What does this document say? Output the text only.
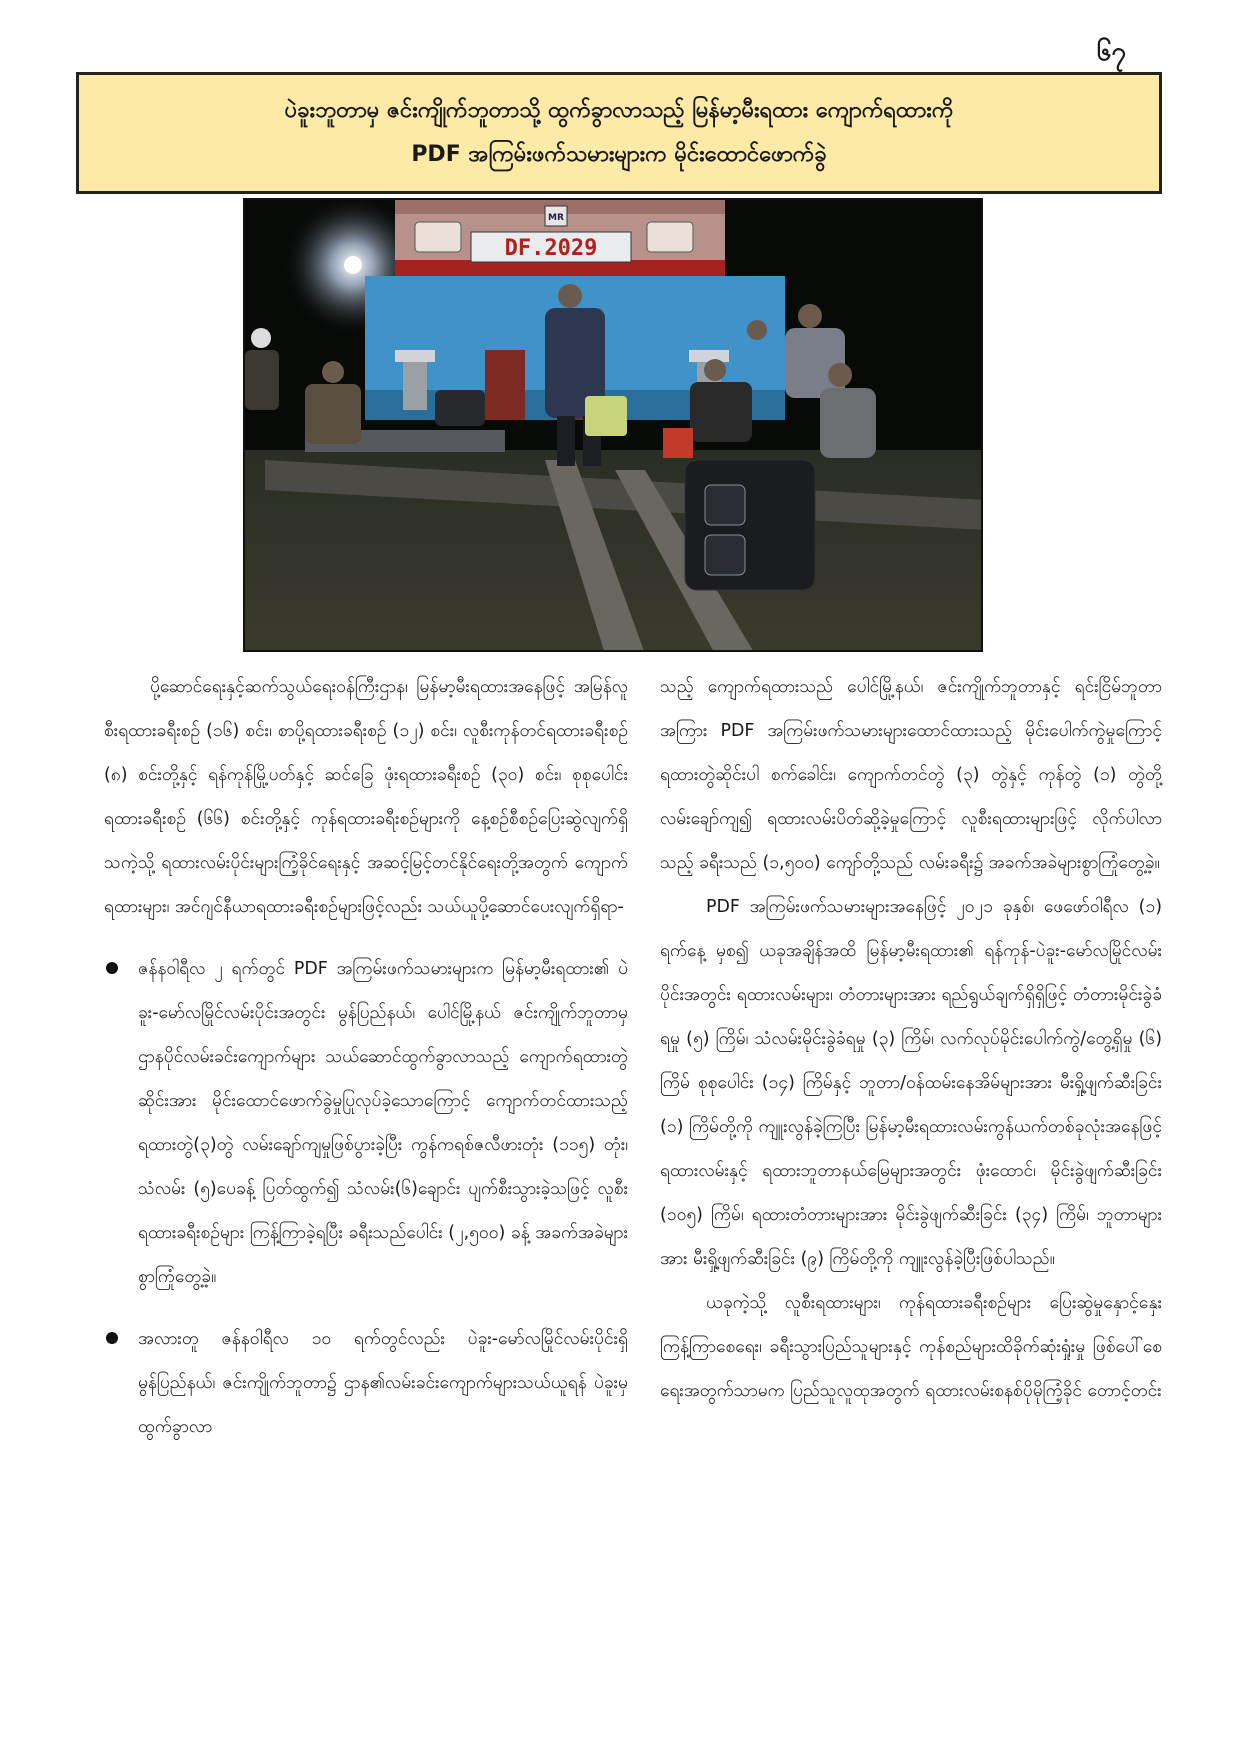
၆၇
ပဲခူးဘူတာမှ ဇင်းကျိုက်ဘူတာသို့ ထွက်ခွာလာသည့် မြန်မာ့မီးရထား ကျောက်ရထားကို
PDF အကြမ်းဖက်သမားများက မိုင်းထောင်ဖောက်ခွဲ
MR
DF.2029

ပို့ဆောင်ရေးနှင့်ဆက်သွယ်ရေးဝန်ကြီးဌာန၊ မြန်မာ့မီးရထားအနေဖြင့် အမြန်လူစီးရထားခရီးစဉ် (၁၆) စင်း၊ စာပို့ရထားခရီးစဉ် (၁၂) စင်း၊ လူစီးကုန်တင်ရထားခရီးစဉ် (၈) စင်းတို့နှင့် ရန်ကုန်မြို့ပတ်နှင့် ဆင်ခြေ ဖုံးရထားခရီးစဉ် (၃၀) စင်း၊ စုစုပေါင်း ရထားခရီးစဉ် (၆၆) စင်းတို့နှင့် ကုန်ရထားခရီးစဉ်များကို နေ့စဉ်စီစဉ်ပြေးဆွဲလျက်ရှိသကဲ့သို့ ရထားလမ်းပိုင်းများကြံ့ခိုင်ရေးနှင့် အဆင့်မြင့်တင်နိုင်ရေးတို့အတွက် ကျောက်ရထားများ၊ အင်ဂျင်နီယာရထားခရီးစဉ်များဖြင့်လည်း သယ်ယူပို့ဆောင်ပေးလျက်ရှိရာ-

ဇန်နဝါရီလ ၂ ရက်တွင် PDF အကြမ်းဖက်သမားများက မြန်မာ့မီးရထား၏ ပဲခူး-မော်လမြိုင်လမ်းပိုင်းအတွင်း မွန်ပြည်နယ်၊ ပေါင်မြို့နယ် ဇင်းကျိုက်ဘူတာမှ ဌာနပိုင်လမ်းခင်းကျောက်များ သယ်ဆောင်ထွက်ခွာလာသည့် ကျောက်ရထားတွဲဆိုင်းအား မိုင်းထောင်ဖောက်ခွဲမှုပြုလုပ်ခဲ့သောကြောင့် ကျောက်တင်ထားသည့် ရထားတွဲ(၃)တွဲ လမ်းချော်ကျမှုဖြစ်ပွားခဲ့ပြီး ကွန်ကရစ်ဇလီဖားတုံး (၁၁၅) တုံး၊ သံလမ်း (၅)ပေခန့် ပြတ်ထွက်၍ သံလမ်း(၆)ချောင်း ပျက်စီးသွားခဲ့သဖြင့် လူစီးရထားခရီးစဉ်များ ကြန့်ကြာခဲ့ရပြီး ခရီးသည်ပေါင်း (၂,၅၀၀) ခန့် အခက်အခဲများစွာကြုံတွေ့ခဲ့။
အလားတူ ဇန်နဝါရီလ ၁၀ ရက်တွင်လည်း ပဲခူး-မော်လမြိုင်လမ်းပိုင်းရှိ မွန်ပြည်နယ်၊ ဇင်းကျိုက်ဘူတာ၌ ဌာန၏လမ်းခင်းကျောက်များသယ်ယူရန် ပဲခူးမှ ထွက်ခွာလာ

သည့် ကျောက်ရထားသည် ပေါင်မြို့နယ်၊ ဇင်းကျိုက်ဘူတာနှင့် ရင်းငြိမ်ဘူတာအကြား PDF အကြမ်းဖက်သမားများထောင်ထားသည့် မိုင်းပေါက်ကွဲမှုကြောင့် ရထားတွဲဆိုင်းပါ စက်ခေါင်း၊ ကျောက်တင်တွဲ (၃) တွဲနှင့် ကုန်တွဲ (၁) တွဲတို့ လမ်းချော်ကျ၍ ရထားလမ်းပိတ်ဆို့ခဲ့မှုကြောင့် လူစီးရထားများဖြင့် လိုက်ပါလာသည့် ခရီးသည် (၁,၅၀၀) ကျော်တို့သည် လမ်းခရီး၌ အခက်အခဲများစွာကြုံတွေ့ခဲ့။

PDF အကြမ်းဖက်သမားများအနေဖြင့် ၂၀၂၁ ခုနှစ်၊ ဖေဖော်ဝါရီလ (၁) ရက်နေ့ မှစ၍ ယခုအချိန်အထိ မြန်မာ့မီးရထား၏ ရန်ကုန်-ပဲခူး-မော်လမြိုင်လမ်းပိုင်းအတွင်း ရထားလမ်းများ၊ တံတားများအား ရည်ရွယ်ချက်ရှိရှိဖြင့် တံတားမိုင်းခွဲခံရမှု (၅) ကြိမ်၊ သံလမ်းမိုင်းခွဲခံရမှု (၃) ကြိမ်၊ လက်လုပ်မိုင်းပေါက်ကွဲ/တွေ့ရှိမှု (၆) ကြိမ် စုစုပေါင်း (၁၄) ကြိမ်နှင့် ဘူတာ/ဝန်ထမ်းနေအိမ်များအား မီးရှို့ဖျက်ဆီးခြင်း (၁) ကြိမ်တို့ကို ကျူးလွန်ခဲ့ကြပြီး မြန်မာ့မီးရထားလမ်းကွန်ယက်တစ်ခုလုံးအနေဖြင့် ရထားလမ်းနှင့် ရထားဘူတာနယ်မြေများအတွင်း ဖုံးထောင်၊ မိုင်းခွဲဖျက်ဆီးခြင်း (၁၀၅) ကြိမ်၊ ရထားတံတားများအား မိုင်းခွဲဖျက်ဆီးခြင်း (၃၄) ကြိမ်၊ ဘူတာများအား မီးရှို့ဖျက်ဆီးခြင်း (၉) ကြိမ်တို့ကို ကျူးလွန်ခဲ့ပြီးဖြစ်ပါသည်။

ယခုကဲ့သို့ လူစီးရထားများ၊ ကုန်ရထားခရီးစဉ်များ ပြေးဆွဲမှုနှောင့်နှေးကြန့်ကြာစေရေး၊ ခရီးသွားပြည်သူများနှင့် ကုန်စည်များထိခိုက်ဆုံးရှုံးမှု ဖြစ်ပေါ်စေရေးအတွက်သာမက ပြည်သူလူထုအတွက် ရထားလမ်းစနစ်ပိုမိုကြံ့ခိုင် တောင့်တင်း
